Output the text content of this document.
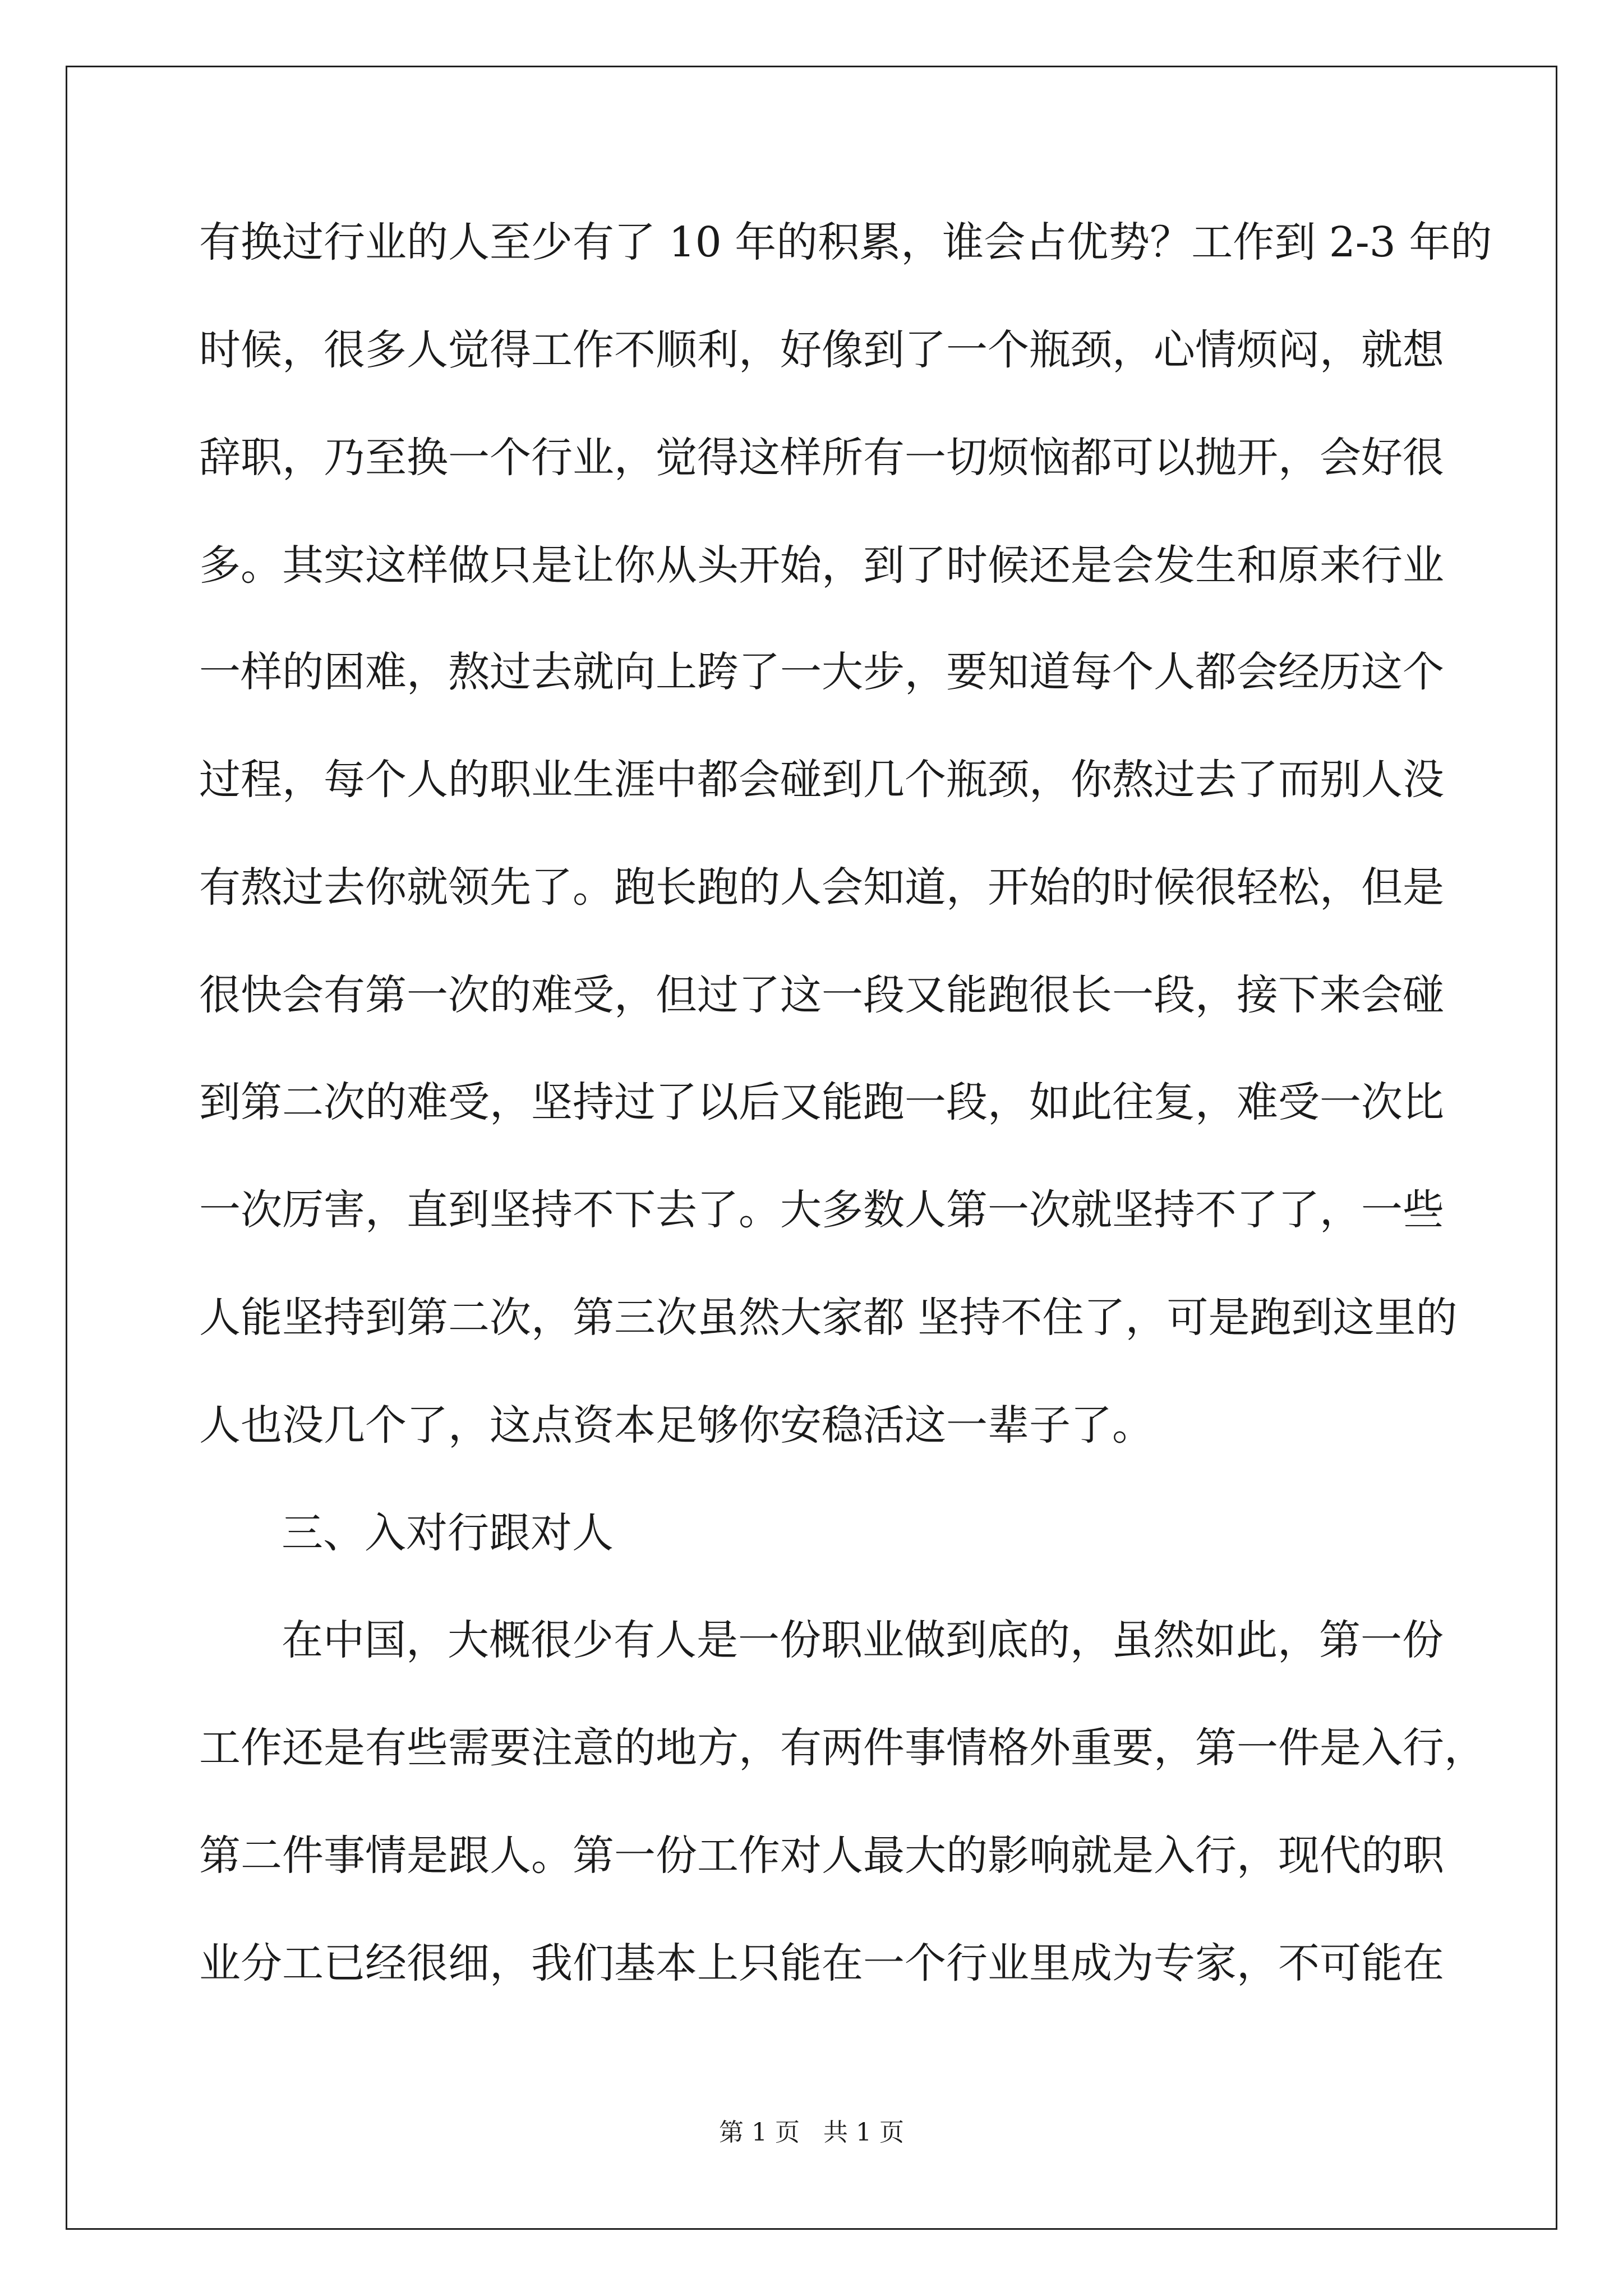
有换过行业的人至少有了 10 年的积累，谁会占优势？工作到 2-3 年的
时候，很多人觉得工作不顺利，好像到了一个瓶颈，心情烦闷，就想
辞职，乃至换一个行业，觉得这样所有一切烦恼都可以抛开，会好很
多。其实这样做只是让你从头开始，到了时候还是会发生和原来行业
一样的困难，熬过去就向上跨了一大步，要知道每个人都会经历这个
过程，每个人的职业生涯中都会碰到几个瓶颈，你熬过去了而别人没
有熬过去你就领先了。跑长跑的人会知道，开始的时候很轻松，但是
很快会有第一次的难受，但过了这一段又能跑很长一段，接下来会碰
到第二次的难受，坚持过了以后又能跑一段，如此往复，难受一次比
一次厉害，直到坚持不下去了。大多数人第一次就坚持不了了，一些
人能坚持到第二次，第三次虽然大家都 坚持不住了，可是跑到这里的
人也没几个了，这点资本足够你安稳活这一辈子了。
三、入对行跟对人
在中国，大概很少有人是一份职业做到底的，虽然如此，第一份
工作还是有些需要注意的地方，有两件事情格外重要，第一件是入行，
第二件事情是跟人。第一份工作对人最大的影响就是入行，现代的职
业分工已经很细，我们基本上只能在一个行业里成为专家，不可能在
第 1 页   共 1 页
